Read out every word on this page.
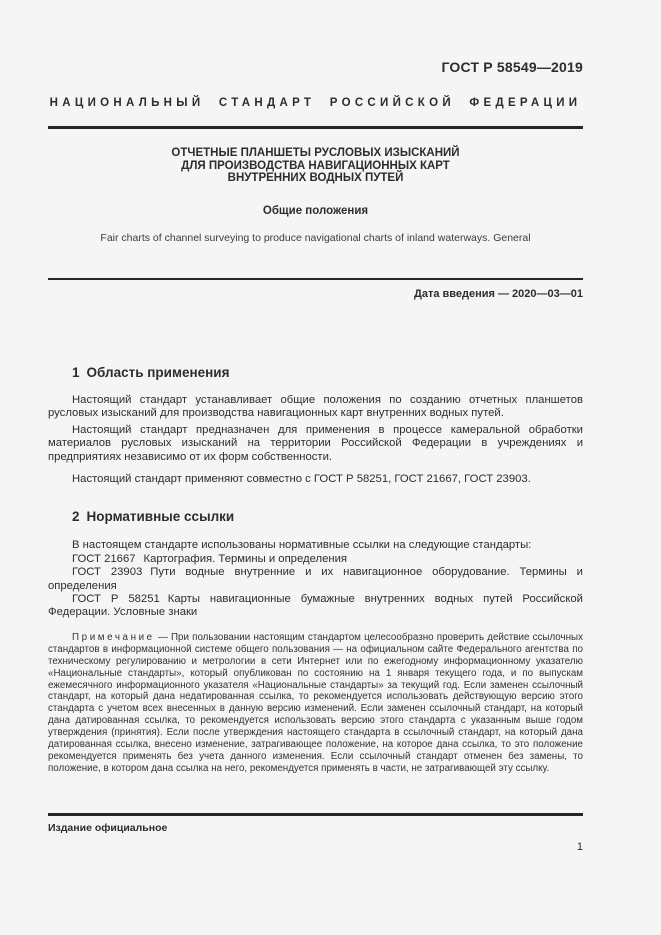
ГОСТ Р 58549—2019
НАЦИОНАЛЬНЫЙ СТАНДАРТ РОССИЙСКОЙ ФЕДЕРАЦИИ
ОТЧЕТНЫЕ ПЛАНШЕТЫ РУСЛОВЫХ ИЗЫСКАНИЙ
ДЛЯ ПРОИЗВОДСТВА НАВИГАЦИОННЫХ КАРТ
ВНУТРЕННИХ ВОДНЫХ ПУТЕЙ
Общие положения
Fair charts of channel surveying to produce navigational charts of inland waterways. General
Дата введения — 2020—03—01
1 Область применения

Настоящий стандарт устанавливает общие положения по созданию отчетных планшетов русловых изысканий для производства навигационных карт внутренних водных путей.

Настоящий стандарт предназначен для применения в процессе камеральной обработки материалов русловых изысканий на территории Российской Федерации в учреждениях и предприятиях независимо от их форм собственности.

Настоящий стандарт применяют совместно с ГОСТ Р 58251, ГОСТ 21667, ГОСТ 23903.

2 Нормативные ссылки

В настоящем стандарте использованы нормативные ссылки на следующие стандарты:

ГОСТ 21667 Картография. Термины и определения

ГОСТ 23903 Пути водные внутренние и их навигационное оборудование. Термины и определения

ГОСТ Р 58251 Карты навигационные бумажные внутренних водных путей Российской Федерации. Условные знаки

Примечание — При пользовании настоящим стандартом целесообразно проверить действие ссылочных стандартов в информационной системе общего пользования — на официальном сайте Федерального агентства по техническому регулированию и метрологии в сети Интернет или по ежегодному информационному указателю «Национальные стандарты», который опубликован по состоянию на 1 января текущего года, и по выпускам ежемесячного информационного указателя «Национальные стандарты» за текущий год. Если заменен ссылочный стандарт, на который дана недатированная ссылка, то рекомендуется использовать действующую версию этого стандарта с учетом всех внесенных в данную версию изменений. Если заменен ссылочный стандарт, на который дана датированная ссылка, то рекомендуется использовать версию этого стандарта с указанным выше годом утверждения (принятия). Если после утверждения настоящего стандарта в ссылочный стандарт, на который дана датированная ссылка, внесено изменение, затрагивающее положение, на которое дана ссылка, то это положение рекомендуется применять без учета данного изменения. Если ссылочный стандарт отменен без замены, то положение, в котором дана ссылка на него, рекомендуется применять в части, не затрагивающей эту ссылку.
Издание официальное
1
